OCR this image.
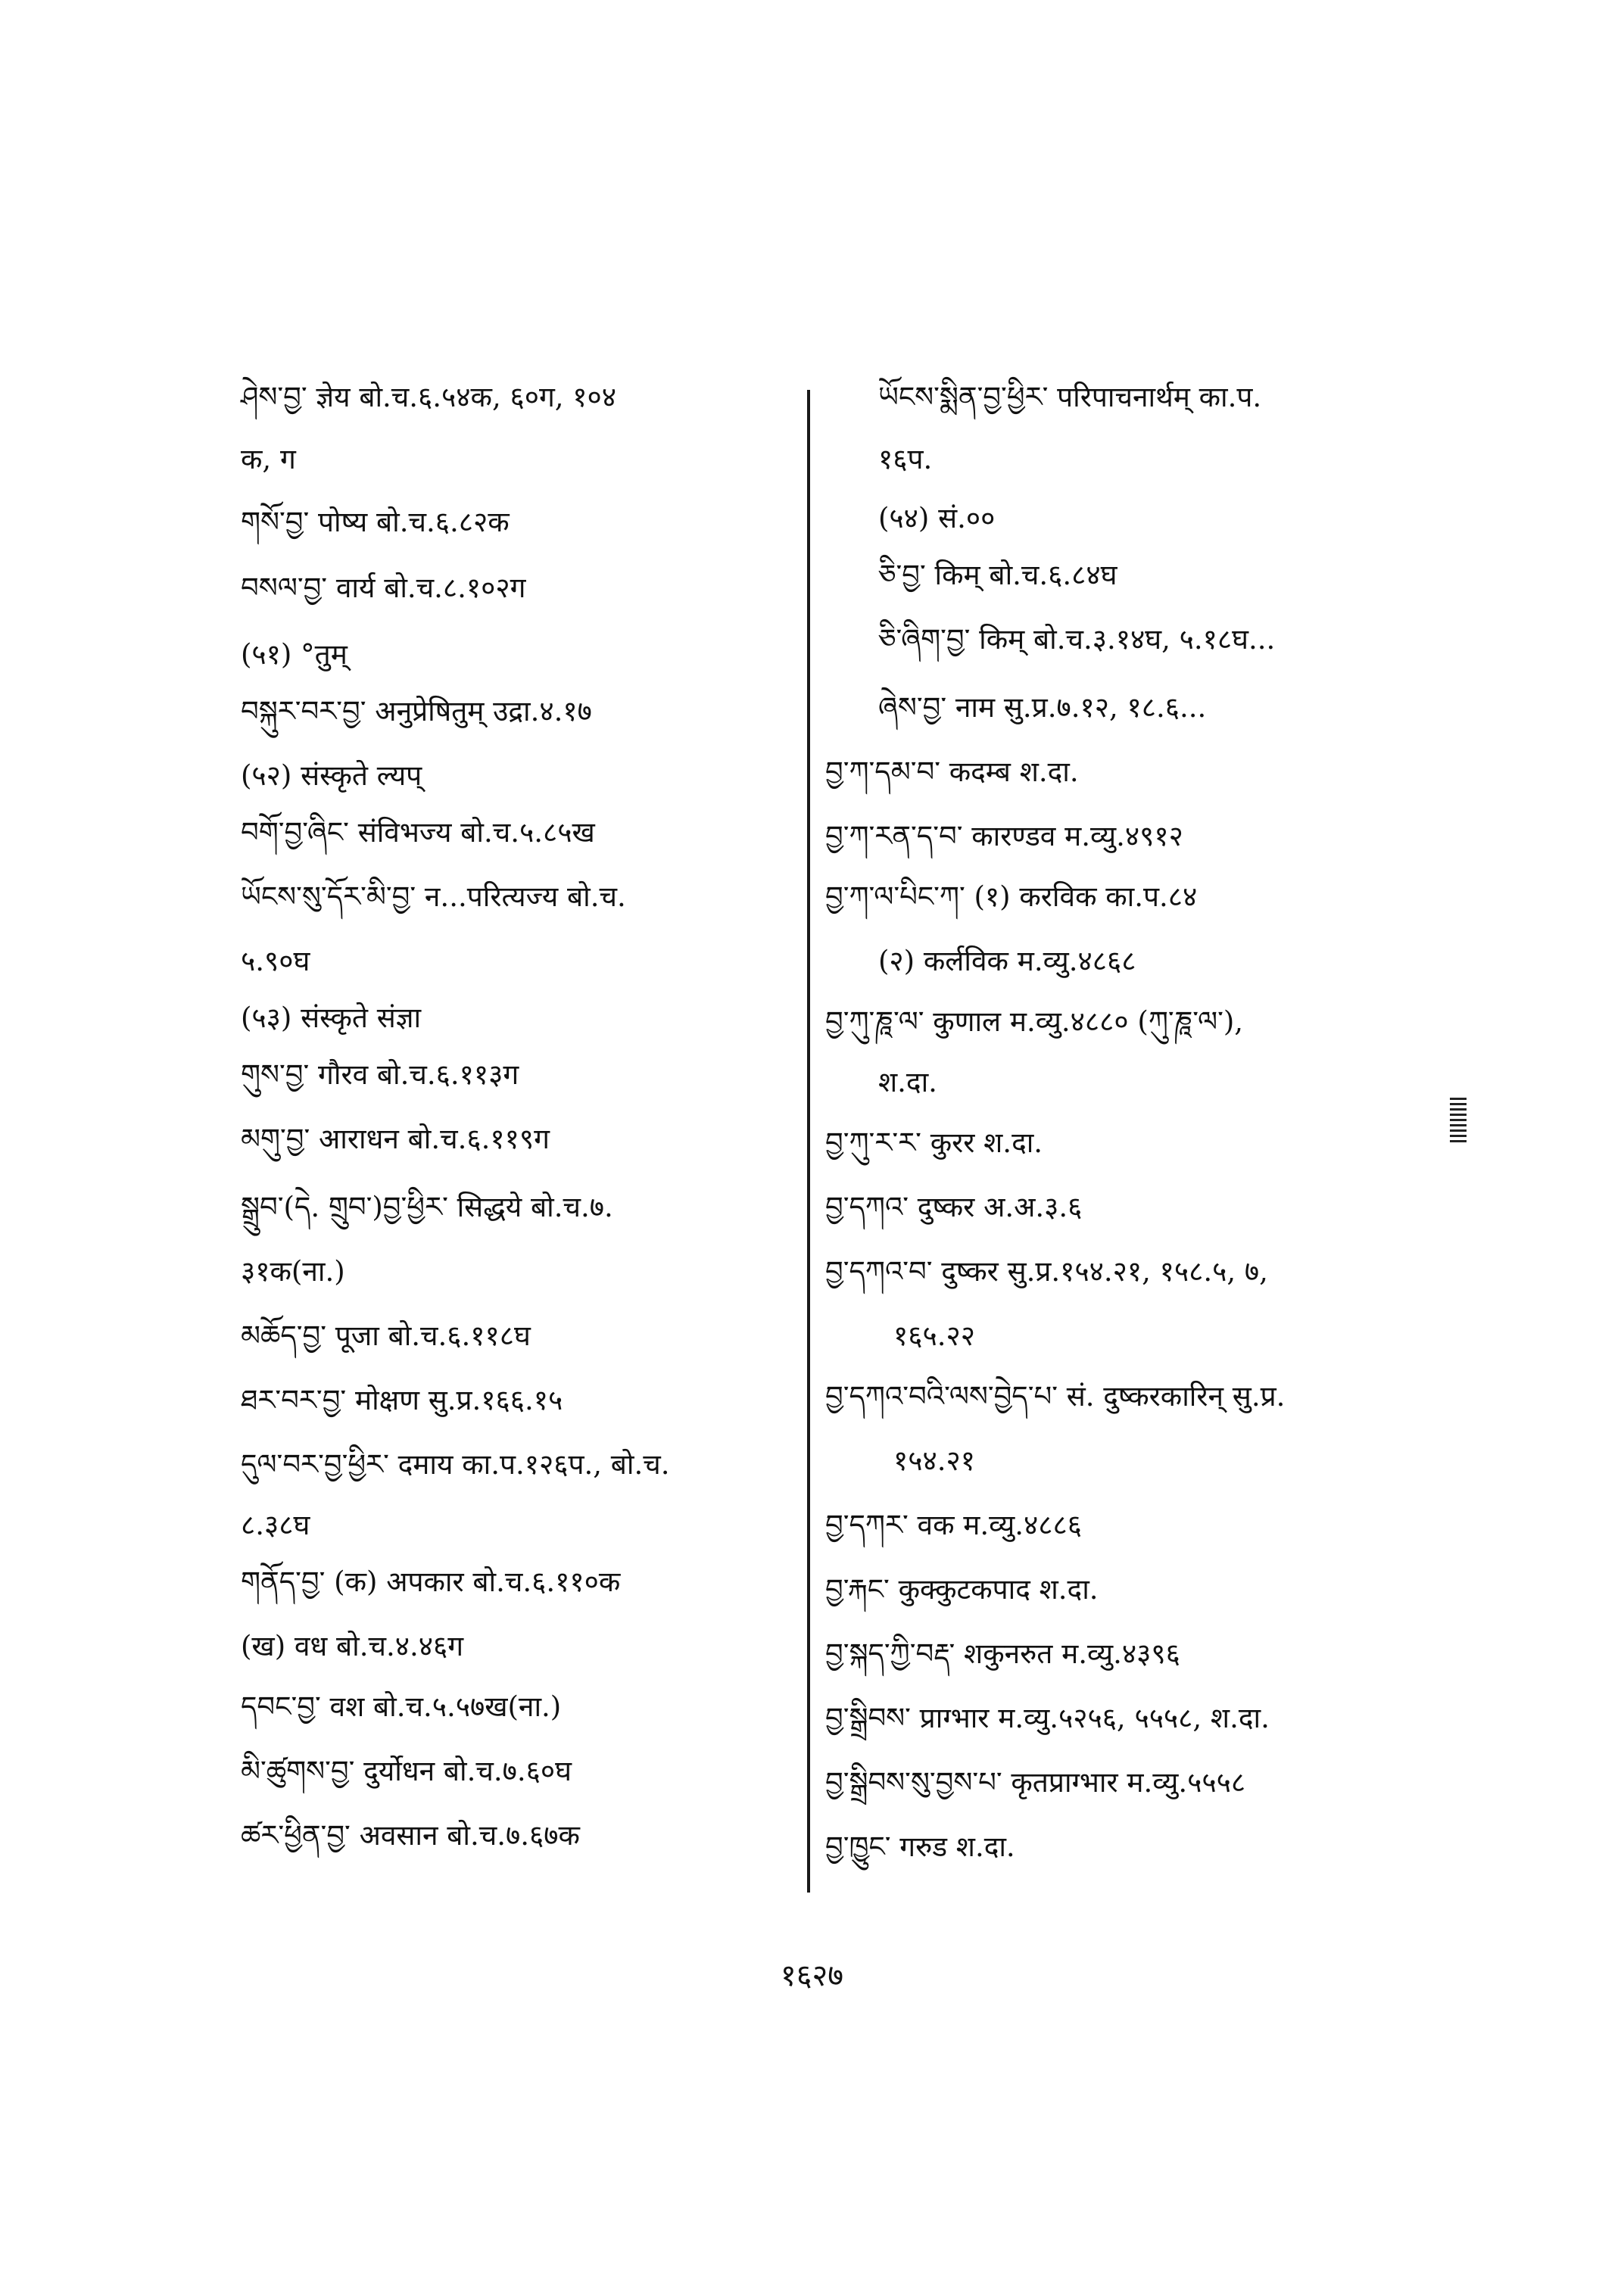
ཤེས་བྱ་ ज्ञेय बो.च.६.५४क, ६०ग, १०४
क, ग
གསོ་བྱ་ पोष्य बो.च.६.८२क
བསལ་བྱ་ वार्य बो.च.८.१०२ग
(५१) °तुम्
བསྐུར་བར་བྱ་ अनुप्रेषितुम् उद्रा.४.१७
(५२) संस्कृते ल्यप्
བགོ་བྱ་ཞིང་ संविभज्य बो.च.५.८५ख
ཡོངས་སུ་དོར་མི་བྱ་ न...परित्यज्य बो.च.
५.९०घ
(५३) संस्कृते संज्ञा
གུས་བྱ་ गौरव बो.च.६.११३ग
མགུ་བྱ་ आराधन बो.च.६.११९ग
སྒྲུབ་(དེ. གྲུབ་)བྱ་ཕྱིར་ सिद्धये बो.च.७.
३१क(ना.)
མཆོད་བྱ་ पूजा बो.च.६.११८घ
ཐར་བར་བྱ་ मोक्षण सु.प्र.१६६.१५
དུལ་བར་བྱ་ཕྱིར་ दमाय का.प.१२६प., बो.च.
८.३८घ
གནོད་བྱ་ (क) अपकार बो.च.६.११०क
(ख) वध बो.च.४.४६ग
དབང་བྱ་ वश बो.च.५.५७ख(ना.)
མི་ཚུགས་བྱ་ दुर्योधन बो.च.७.६०घ
ཚར་ཕྱིན་བྱ་ अवसान बो.च.७.६७क
ཡོངས་སྨིན་བྱ་ཕྱིར་ परिपाचनार्थम् का.प.
१६प.
(५४) सं.००
ཅི་བྱ་ किम् बो.च.६.८४घ
ཅི་ཞིག་བྱ་ किम् बो.च.३.१४घ, ५.१८घ...
ཞེས་བྱ་ नाम सु.प्र.७.१२, १८.६...
བྱ་ཀ་དམ་བ་ कदम्ब श.दा.
བྱ་ཀ་རན་ད་བ་ कारण्डव म.व्यु.४९१२
བྱ་ཀ་ལ་པིང་ཀ་ (१) करविक का.प.८४
(२) कर्लविक म.व्यु.४८६८
བྱ་ཀུ་ཎཱ་ལ་ कुणाल म.व्यु.४८८० (ཀུ་ཎཱ་ལ་),
श.दा.
བྱ་ཀུ་ར་ར་ कुरर श.दा.
བྱ་དཀའ་ दुष्कर अ.अ.३.६
བྱ་དཀའ་བ་ दुष्कर सु.प्र.१५४.२१, १५८.५, ७,
१६५.२२
བྱ་དཀའ་བའི་ལས་བྱེད་པ་ सं. दुष्करकारिन् सु.प्र.
१५४.२१
བྱ་དཀར་ वक म.व्यु.४८८६
བྱ་རྐང་ कुक्कुटकपाद श.दा.
བྱ་སྐད་ཀྱི་བརྡ་ शकुनरुत म.व्यु.४३९६
བྱ་སྒྲིབས་ प्राग्भार म.व्यु.५२५६, ५५५८, श.दा.
བྱ་སྒྲིབས་སུ་བྱས་པ་ कृतप्राग्भार म.व्यु.५५५८
བྱ་ཁྱུང་ गरुड श.दा.
१६२७
